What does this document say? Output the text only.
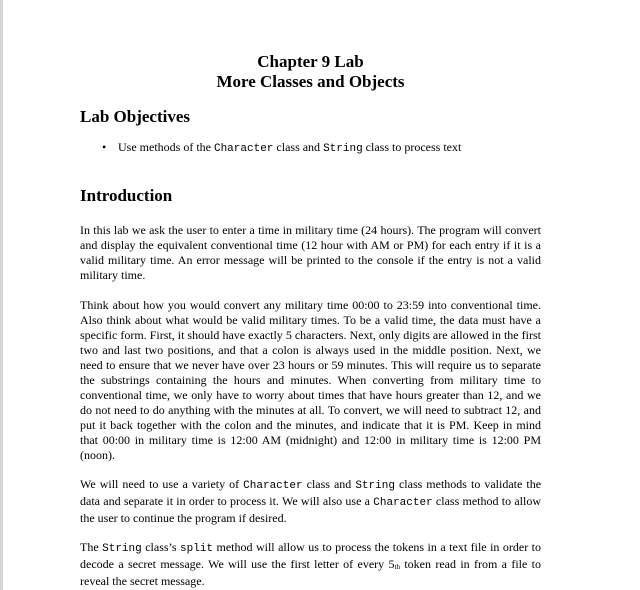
Chapter 9 Lab
More Classes and Objects
Lab Objectives
• Use methods of the Character class and String class to process text
Introduction

In this lab we ask the user to enter a time in military time (24 hours). The program will convert and display the equivalent conventional time (12 hour with AM or PM) for each entry if it is a valid military time. An error message will be printed to the console if the entry is not a valid military time.

Think about how you would convert any military time 00:00 to 23:59 into conventional time. Also think about what would be valid military times. To be a valid time, the data must have a specific form. First, it should have exactly 5 characters. Next, only digits are allowed in the first two and last two positions, and that a colon is always used in the middle position. Next, we need to ensure that we never have over 23 hours or 59 minutes. This will require us to separate the substrings containing the hours and minutes. When converting from military time to conventional time, we only have to worry about times that have hours greater than 12, and we do not need to do anything with the minutes at all. To convert, we will need to subtract 12, and put it back together with the colon and the minutes, and indicate that it is PM. Keep in mind that 00:00 in military time is 12:00 AM (midnight) and 12:00 in military time is 12:00 PM (noon).

We will need to use a variety of Character class and String class methods to validate the data and separate it in order to process it. We will also use a Character class method to allow the user to continue the program if desired.

The String class’s split method will allow us to process the tokens in a text file in order to decode a secret message. We will use the first letter of every $5_{th}$ token read in from a file to reveal the secret message.
